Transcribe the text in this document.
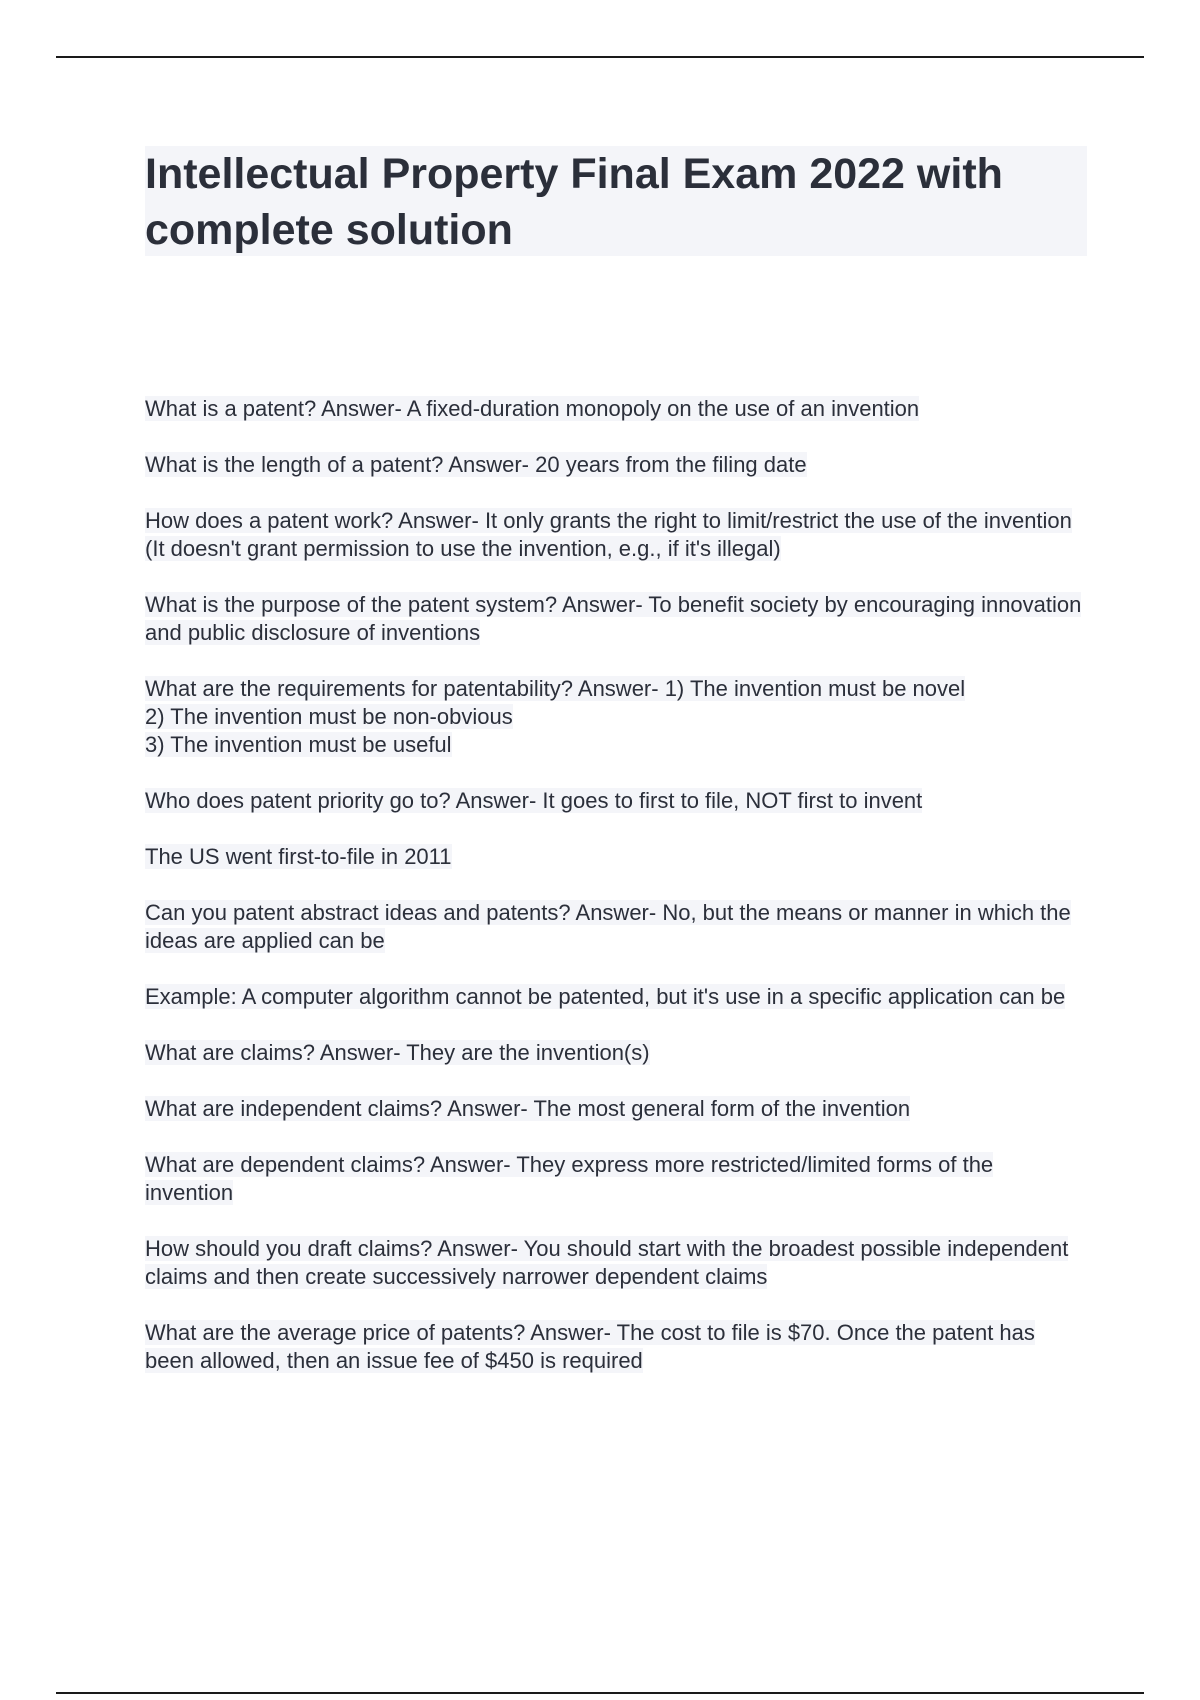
Intellectual Property Final Exam 2022 with complete solution

What is a patent? Answer- A fixed-duration monopoly on the use of an invention

What is the length of a patent? Answer- 20 years from the filing date

How does a patent work? Answer- It only grants the right to limit/restrict the use of the invention (It doesn't grant permission to use the invention, e.g., if it's illegal)

What is the purpose of the patent system? Answer- To benefit society by encouraging innovation and public disclosure of inventions

What are the requirements for patentability? Answer- 1) The invention must be novel
2) The invention must be non-obvious
3) The invention must be useful

Who does patent priority go to? Answer- It goes to first to file, NOT first to invent

The US went first-to-file in 2011

Can you patent abstract ideas and patents? Answer- No, but the means or manner in which the ideas are applied can be

Example: A computer algorithm cannot be patented, but it's use in a specific application can be

What are claims? Answer- They are the invention(s)

What are independent claims? Answer- The most general form of the invention

What are dependent claims? Answer- They express more restricted/limited forms of the invention

How should you draft claims? Answer- You should start with the broadest possible independent claims and then create successively narrower dependent claims

What are the average price of patents? Answer- The cost to file is $70. Once the patent has been allowed, then an issue fee of $450 is required
